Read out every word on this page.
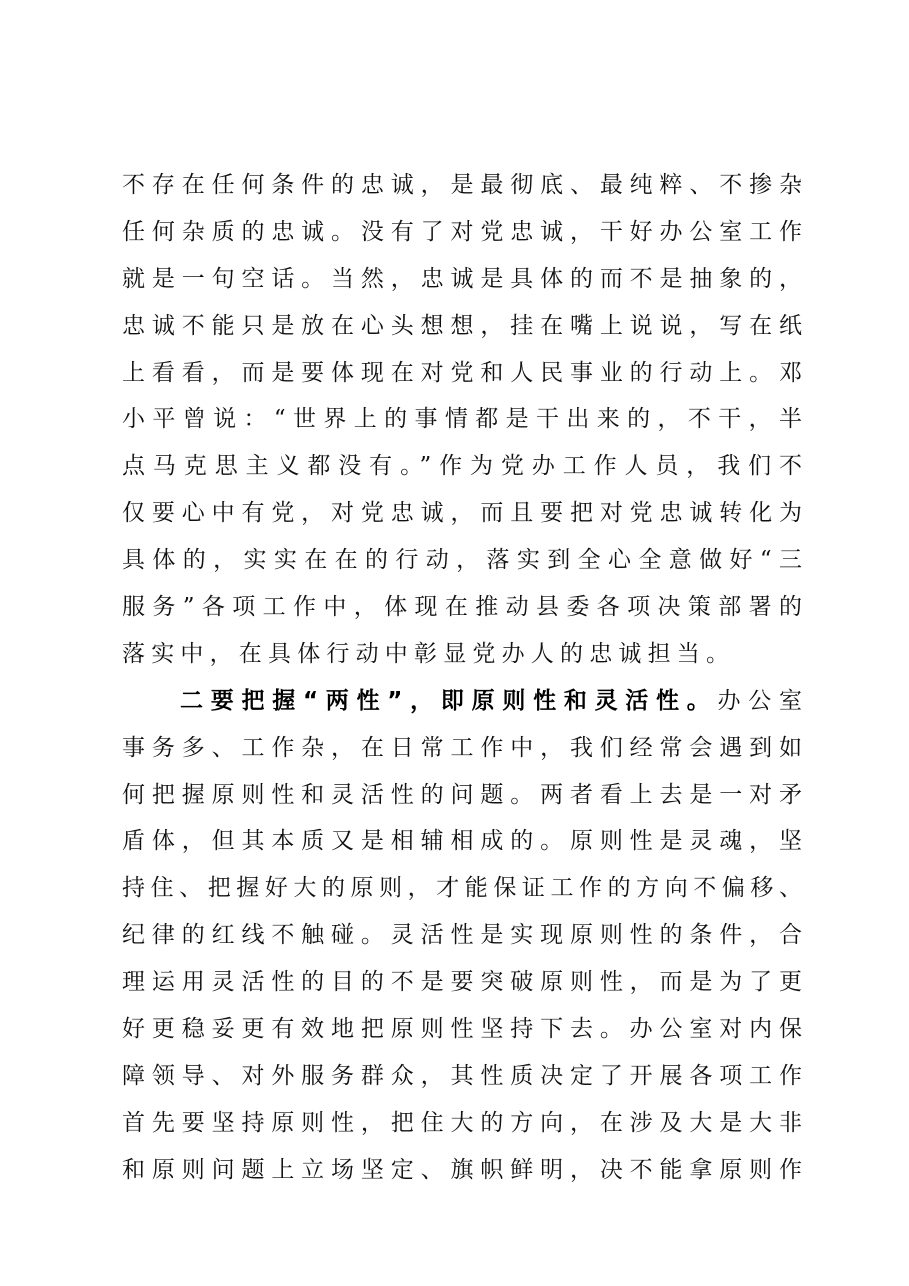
不存在任何条件的忠诚，是最彻底、最纯粹、不掺杂
任何杂质的忠诚。没有了对党忠诚，干好办公室工作
就是一句空话。当然，忠诚是具体的而不是抽象的，
忠诚不能只是放在心头想想，挂在嘴上说说，写在纸
上看看，而是要体现在对党和人民事业的行动上。邓
小平曾说：“世界上的事情都是干出来的，不干，半
点马克思主义都没有。”作为党办工作人员，我们不
仅要心中有党，对党忠诚，而且要把对党忠诚转化为
具体的，实实在在的行动，落实到全心全意做好“三
服务”各项工作中，体现在推动县委各项决策部署的
落实中，在具体行动中彰显党办人的忠诚担当。
二要把握“两性”，即原则性和灵活性。办公室
事务多、工作杂，在日常工作中，我们经常会遇到如
何把握原则性和灵活性的问题。两者看上去是一对矛
盾体，但其本质又是相辅相成的。原则性是灵魂，坚
持住、把握好大的原则，才能保证工作的方向不偏移、
纪律的红线不触碰。灵活性是实现原则性的条件，合
理运用灵活性的目的不是要突破原则性，而是为了更
好更稳妥更有效地把原则性坚持下去。办公室对内保
障领导、对外服务群众，其性质决定了开展各项工作
首先要坚持原则性，把住大的方向，在涉及大是大非
和原则问题上立场坚定、旗帜鲜明，决不能拿原则作
